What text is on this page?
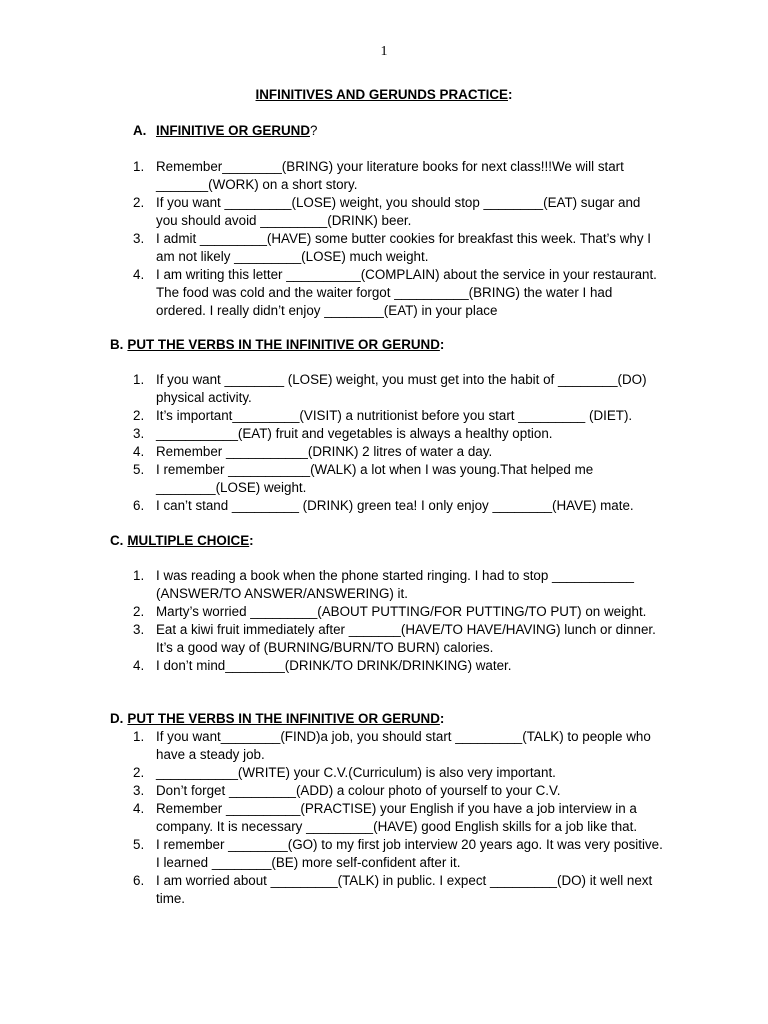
1
INFINITIVES AND GERUNDS PRACTICE:
A. INFINITIVE OR GERUND?
1. Remember________(BRING) your literature books for next class!!!We will start _______(WORK) on a short story.
2. If you want _________(LOSE) weight, you should stop ________(EAT) sugar and you should avoid _________(DRINK) beer.
3. I admit _________(HAVE) some butter cookies for breakfast this week. That’s why I am not likely _________(LOSE) much weight.
4. I am writing this letter __________(COMPLAIN) about the service in your restaurant. The food was cold and the waiter forgot __________(BRING) the water I had ordered. I really didn’t enjoy ________(EAT) in your place
B. PUT THE VERBS IN THE INFINITIVE OR GERUND:
1. If you want ________ (LOSE) weight, you must get into the habit of ________(DO) physical activity.
2. It’s important_________(VISIT) a nutritionist before you start _________ (DIET).
3. ___________(EAT) fruit and vegetables is always a healthy option.
4. Remember ___________(DRINK) 2 litres of water a day.
5. I remember ___________(WALK) a lot when I was young.That helped me ________(LOSE) weight.
6. I can’t stand _________ (DRINK) green tea! I only enjoy ________(HAVE) mate.
C. MULTIPLE CHOICE:
1. I was reading a book when the phone started ringing. I had to stop ___________ (ANSWER/TO ANSWER/ANSWERING) it.
2. Marty’s worried _________(ABOUT PUTTING/FOR PUTTING/TO PUT) on weight.
3. Eat a kiwi fruit immediately after _______(HAVE/TO HAVE/HAVING) lunch or dinner. It’s a good way of (BURNING/BURN/TO BURN) calories.
4. I don’t mind________(DRINK/TO DRINK/DRINKING) water.
D. PUT THE VERBS IN THE INFINITIVE OR GERUND:
1. If you want________(FIND)a job, you should start _________(TALK) to people who have a steady job.
2. ___________(WRITE) your C.V.(Curriculum) is also very important.
3. Don’t forget _________(ADD) a colour photo of yourself to your C.V.
4. Remember __________(PRACTISE) your English if you have a job interview in a company. It is necessary _________(HAVE) good English skills for a job like that.
5. I remember ________(GO) to my first job interview 20 years ago. It was very positive. I learned ________(BE) more self-confident after it.
6. I am worried about _________(TALK) in public. I expect _________(DO) it well next time.
